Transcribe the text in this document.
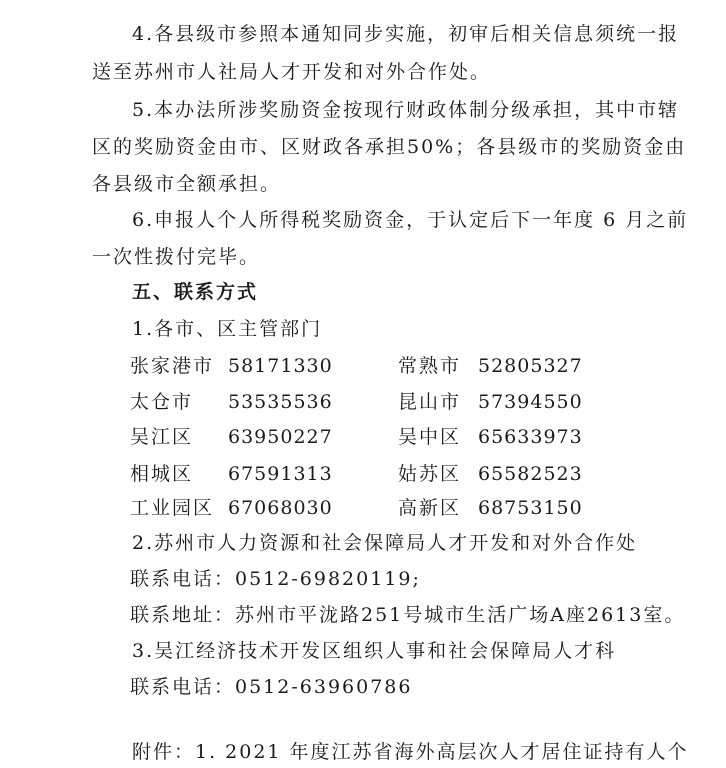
4.各县级市参照本通知同步实施，初审后相关信息须统一报
送至苏州市人社局人才开发和对外合作处。
5.本办法所涉奖励资金按现行财政体制分级承担，其中市辖
区的奖励资金由市、区财政各承担50%；各县级市的奖励资金由
各县级市全额承担。
6.申报人个人所得税奖励资金，于认定后下一年度 6 月之前
一次性拨付完毕。
五、联系方式
1.各市、区主管部门
张家港市 58171330	常熟市 52805327
太仓市 53535536	昆山市 57394550
吴江区 63950227	吴中区 65633973
相城区 67591313	姑苏区 65582523
工业园区 67068030	高新区 68753150
2.苏州市人力资源和社会保障局人才开发和对外合作处
联系电话：0512-69820119;
联系地址：苏州市平泷路251号城市生活广场A座2613室。
3.吴江经济技术开发区组织人事和社会保障局人才科
联系电话：0512-63960786
附件：1. 2021 年度江苏省海外高层次人才居住证持有人个
